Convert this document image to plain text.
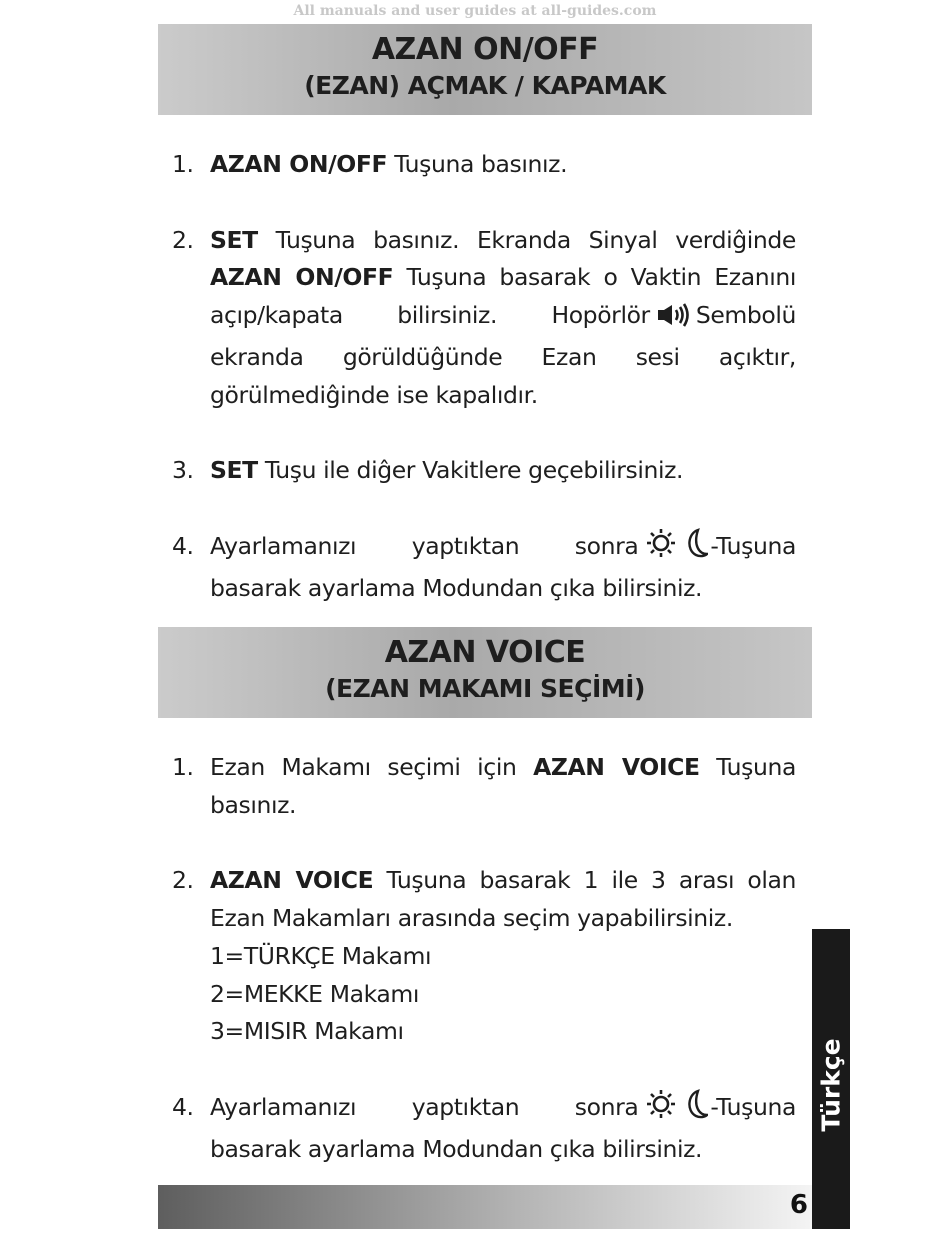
All manuals and user guides at all-guides.com
AZAN ON/OFF
(EZAN) AÇMAK / KAPAMAK
1. AZAN ON/OFF Tuşuna basınız.
2. SET Tuşuna basınız. Ekranda Sinyal verdiĝinde AZAN ON/OFF Tuşuna basarak o Vaktin Ezanını açıp/kapata bilirsiniz. Hopörlör Sembolü ekranda görüldüĝünde Ezan sesi açıktır, görülmediĝinde ise kapalıdır.
3. SET Tuşu ile diĝer Vakitlere geçebilirsiniz.
4. Ayarlamanızı yaptıktan sonra	-Tuşuna basarak ayarlama Modundan çıka bilirsiniz.
AZAN VOICE
(EZAN MAKAMI SEÇİMİ)
1. Ezan Makamı seçimi için AZAN VOICE Tuşuna basınız.
2. AZAN VOICE Tuşuna basarak 1 ile 3 arası olan Ezan Makamları arasında seçim yapabilirsiniz.
1=TÜRKÇE Makamı
2=MEKKE Makamı
3=MISIR Makamı
4. Ayarlamanızı yaptıktan sonra	-Tuşuna basarak ayarlama Modundan çıka bilirsiniz.
6
Türkçe
